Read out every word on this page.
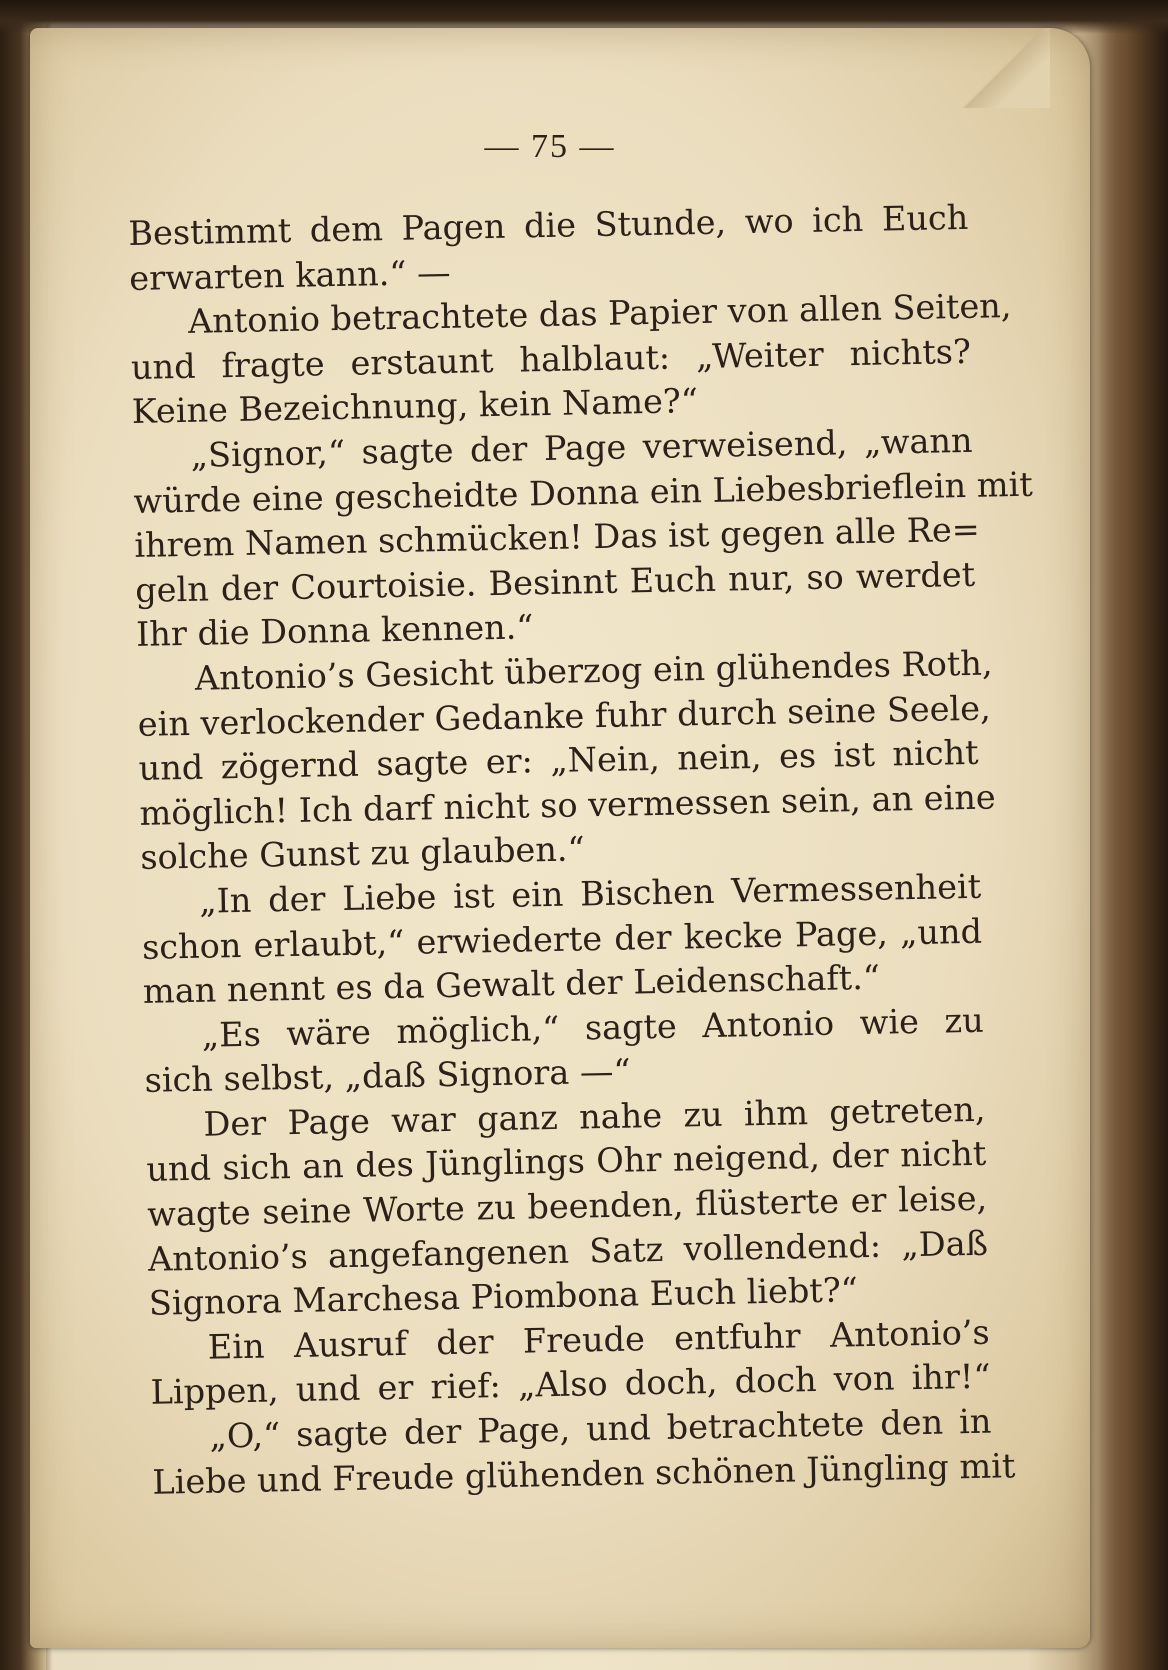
— 75 —
Bestimmt dem Pagen die Stunde, wo ich Euch
erwarten kann.“ —
Antonio betrachtete das Papier von allen Seiten,
und fragte erstaunt halblaut: „Weiter nichts?
Keine Bezeichnung, kein Name?“
„Signor,“ sagte der Page verweisend, „wann
würde eine gescheidte Donna ein Liebesbrieflein mit
ihrem Namen schmücken! Das ist gegen alle Re=
geln der Courtoisie. Besinnt Euch nur, so werdet
Ihr die Donna kennen.“
Antonio’s Gesicht überzog ein glühendes Roth,
ein verlockender Gedanke fuhr durch seine Seele,
und zögernd sagte er: „Nein, nein, es ist nicht
möglich! Ich darf nicht so vermessen sein, an eine
solche Gunst zu glauben.“
„In der Liebe ist ein Bischen Vermessenheit
schon erlaubt,“ erwiederte der kecke Page, „und
man nennt es da Gewalt der Leidenschaft.“
„Es wäre möglich,“ sagte Antonio wie zu
sich selbst, „daß Signora —“
Der Page war ganz nahe zu ihm getreten,
und sich an des Jünglings Ohr neigend, der nicht
wagte seine Worte zu beenden, flüsterte er leise,
Antonio’s angefangenen Satz vollendend: „Daß
Signora Marchesa Piombona Euch liebt?“
Ein Ausruf der Freude entfuhr Antonio’s
Lippen, und er rief: „Also doch, doch von ihr!“
„O,“ sagte der Page, und betrachtete den in
Liebe und Freude glühenden schönen Jüngling mit
